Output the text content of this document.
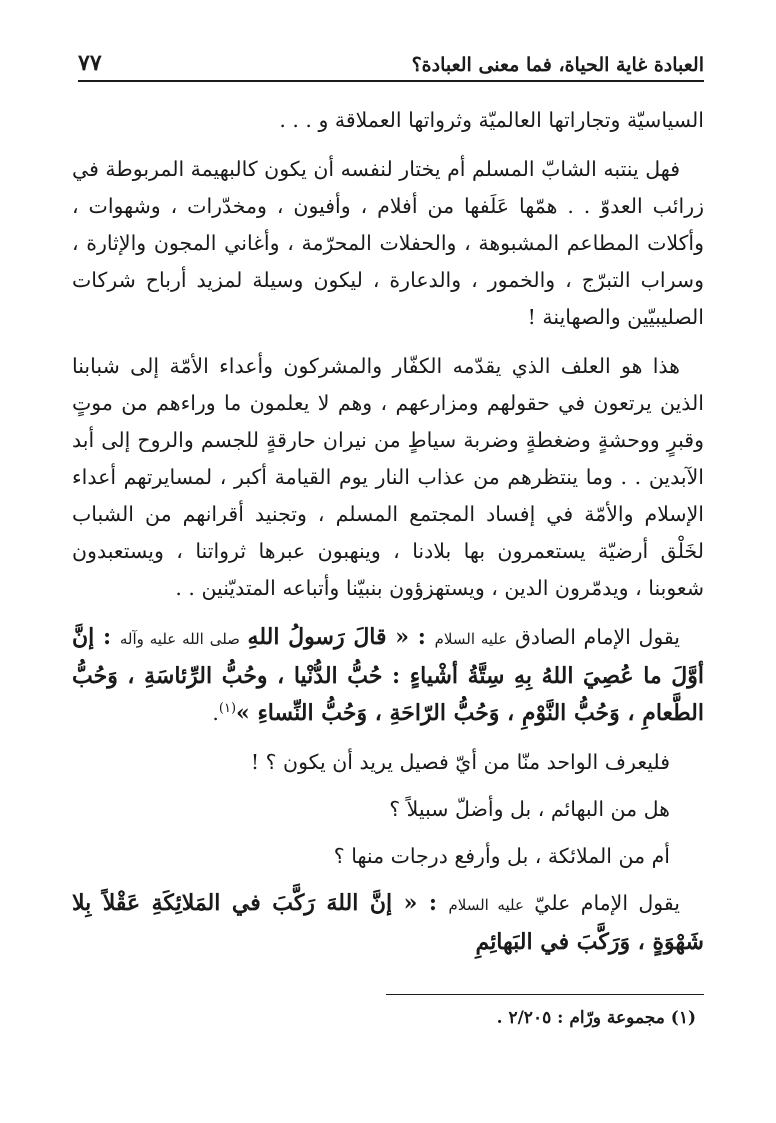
العبادة غاية الحياة، فما معنى العبادة؟
٧٧

السياسيّة وتجاراتها العالميّة وثرواتها العملاقة و . . .

فهل ينتبه الشابّ المسلم أم يختار لنفسه أن يكون كالبهيمة المربوطة في زرائب العدوّ . . همّها عَلَفها من أفلام ، وأفيون ، ومخدّرات ، وشهوات ، وأكلات المطاعم المشبوهة ، والحفلات المحرّمة ، وأغاني المجون والإثارة ، وسراب التبرّج ، والخمور ، والدعارة ، ليكون وسيلة لمزيد أرباح شركات الصليبيّين والصهاينة !

هذا هو العلف الذي يقدّمه الكفّار والمشركون وأعداء الأمّة إلى شبابنا الذين يرتعون في حقولهم ومزارعهم ، وهم لا يعلمون ما وراءهم من موتٍ وقبرٍ ووحشةٍ وضغطةٍ وضربة سياطٍ من نيران حارقةٍ للجسم والروح إلى أبد الآبدين . . وما ينتظرهم من عذاب النار يوم القيامة أكبر ، لمسايرتهم أعداء الإسلام والأمّة في إفساد المجتمع المسلم ، وتجنيد أقرانهم من الشباب لخَلْق أرضيّة يستعمرون بها بلادنا ، وينهبون عبرها ثرواتنا ، ويستعبدون شعوبنا ، ويدمّرون الدين ، ويستهزؤون بنبيّنا وأتباعه المتديّنين . .

يقول الإمام الصادق عليه السلام : « قالَ رَسولُ اللهِ صلى الله عليه وآله : إنَّ أوَّلَ ما عُصِيَ اللهُ بِهِ سِتَّةُ أشْياءٍ : حُبُّ الدُّنْيا ، وحُبُّ الرِّئاسَةِ ، وَحُبُّ الطَّعامِ ، وَحُبُّ النَّوْمِ ، وَحُبُّ الرّاحَةِ ، وَحُبُّ النِّساءِ »$^{(١)}$.

فليعرف الواحد منّا من أيّ فصيل يريد أن يكون ؟ !

هل من البهائم ، بل وأضلّ سبيلاً ؟

أم من الملائكة ، بل وأرفع درجات منها ؟

يقول الإمام عليّ عليه السلام : « إنَّ اللهَ رَكَّبَ في المَلائِكَةِ عَقْلاً بِلا شَهْوَةٍ ، وَرَكَّبَ في البَهائِمِ

(١) مجموعة ورّام : ٢/٢٠٥ .
